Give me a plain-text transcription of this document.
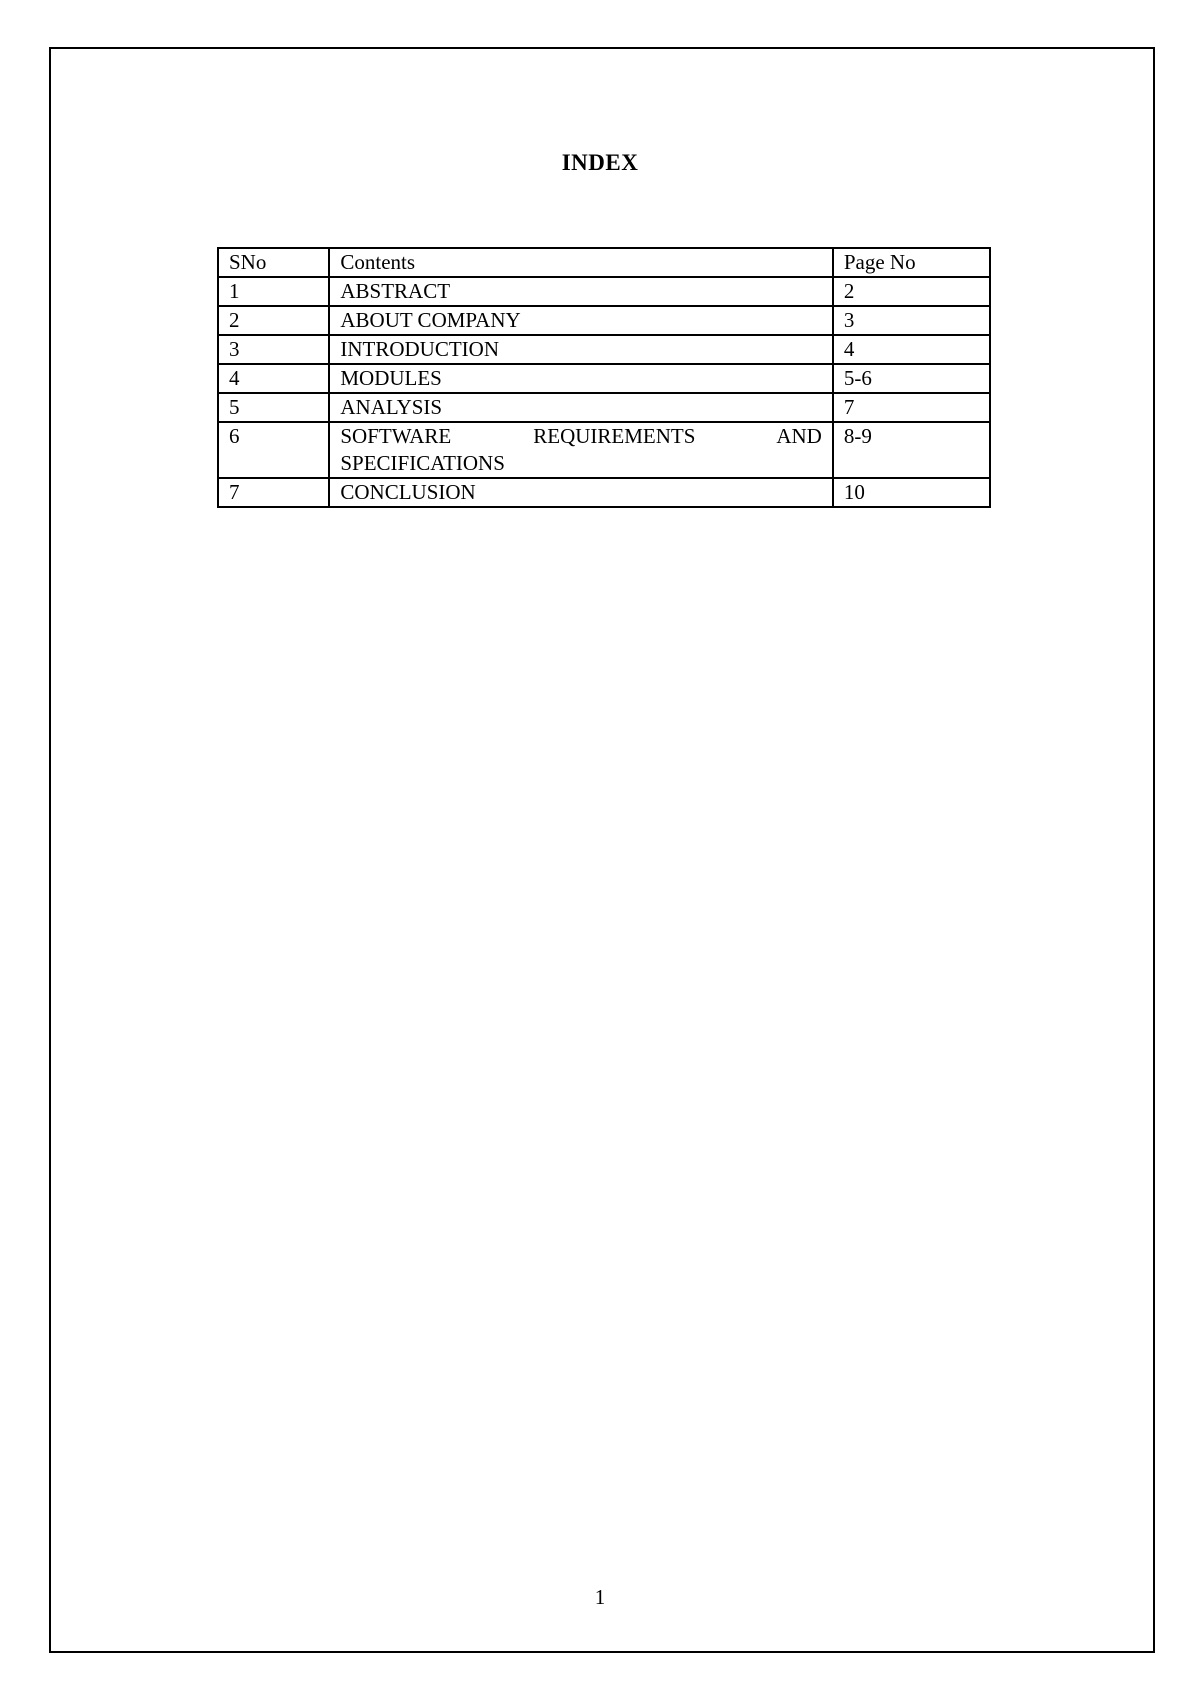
INDEX
SNo	Contents	Page No
1	ABSTRACT	2
2	ABOUT COMPANY	3
3	INTRODUCTION	4
4	MODULES	5-6
5	ANALYSIS	7
6	SOFTWARE REQUIREMENTS AND SPECIFICATIONS	8-9
7	CONCLUSION	10
1
